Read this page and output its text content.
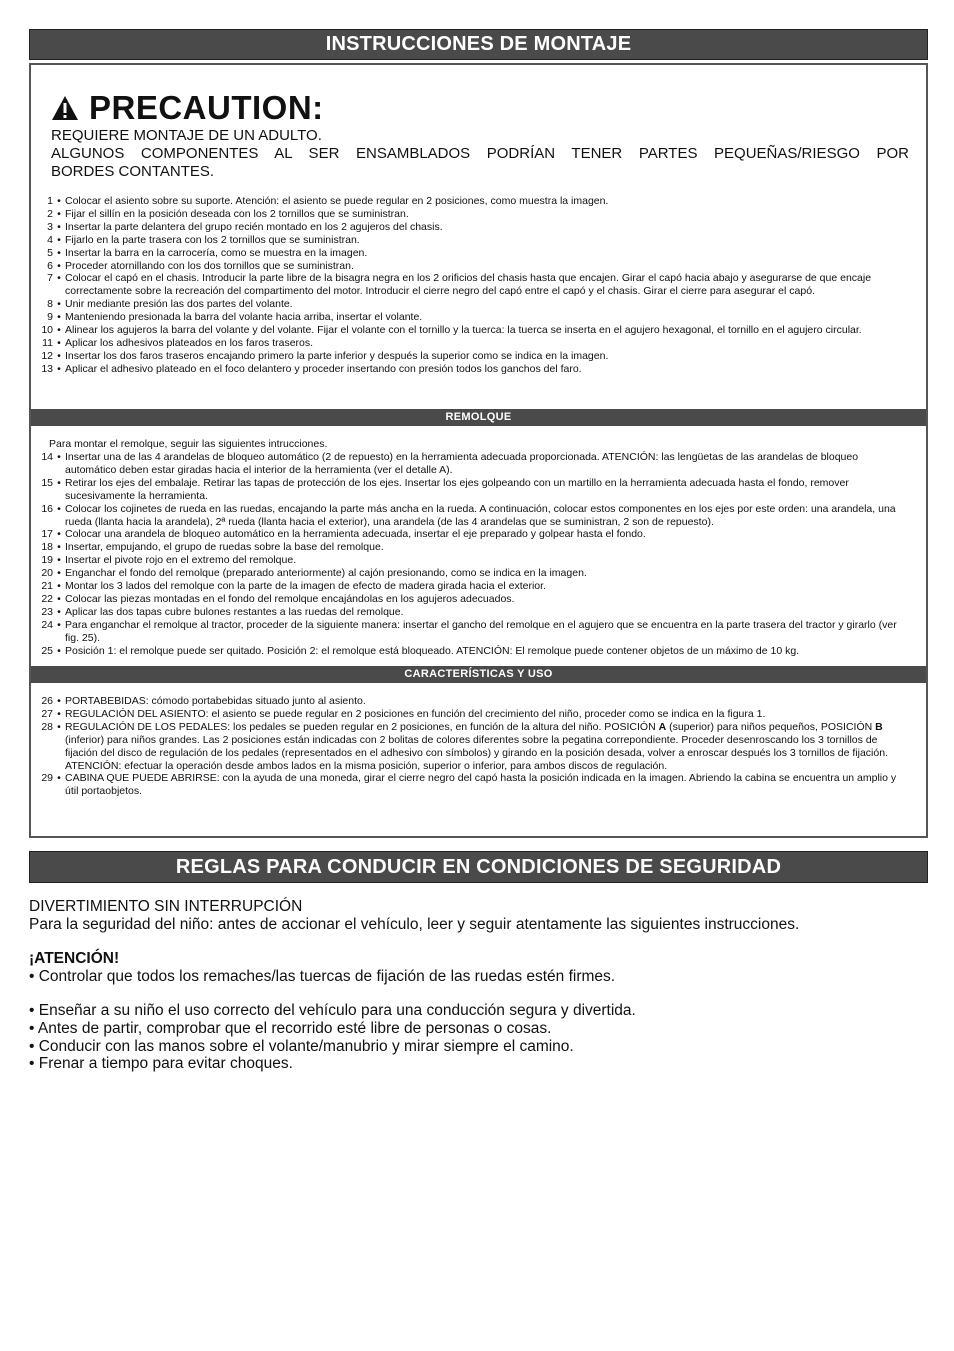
INSTRUCCIONES DE MONTAJE
PRECAUTION:
REQUIERE MONTAJE DE UN ADULTO.
ALGUNOS COMPONENTES AL SER ENSAMBLADOS PODRÍAN TENER PARTES PEQUEÑAS/RIESGO POR
BORDES CONTANTES.
1 • Colocar el asiento sobre su suporte. Atención: el asiento se puede regular en 2 posiciones, como muestra la imagen.
2 • Fijar el sillín en la posición deseada con los 2 tornillos que se suministran.
3 • Insertar la parte delantera del grupo recién montado en los 2 agujeros del chasis.
4 • Fijarlo en la parte trasera con los 2 tornillos que se suministran.
5 • Insertar la barra en la carrocería, como se muestra en la imagen.
6 • Proceder atornillando con los dos tornillos que se suministran.
7 • Colocar el capó en el chasis. Introducir la parte libre de la bisagra negra en los 2 orificios del chasis hasta que encajen. Girar el capó hacia abajo y asegurarse de que encaje correctamente sobre la recreación del compartimento del motor. Introducir el cierre negro del capó entre el capó y el chasis. Girar el cierre para asegurar el capó.
8 • Unir mediante presión las dos partes del volante.
9 • Manteniendo presionada la barra del volante hacia arriba, insertar el volante.
10 • Alinear los agujeros la barra del volante y del volante. Fijar el volante con el tornillo y la tuerca: la tuerca se inserta en el agujero hexagonal, el tornillo en el agujero circular.
11 • Aplicar los adhesivos plateados en los faros traseros.
12 • Insertar los dos faros traseros encajando primero la parte inferior y después la superior como se indica en la imagen.
13 • Aplicar el adhesivo plateado en el foco delantero y proceder insertando con presión todos los ganchos del faro.
REMOLQUE
Para montar el remolque, seguir las siguientes intrucciones.
14 • Insertar una de las 4 arandelas de bloqueo automático (2 de repuesto) en la herramienta adecuada proporcionada. ATENCIÓN: las lengüetas de las arandelas de bloqueo automático deben estar giradas hacia el interior de la herramienta (ver el detalle A).
15 • Retirar los ejes del embalaje. Retirar las tapas de protección de los ejes. Insertar los ejes golpeando con un martillo en la herramienta adecuada hasta el fondo, remover sucesivamente la herramienta.
16 • Colocar los cojinetes de rueda en las ruedas, encajando la parte más ancha en la rueda. A continuación, colocar estos componentes en los ejes por este orden: una arandela, una rueda (llanta hacia la arandela), 2ª rueda (llanta hacia el exterior), una arandela (de las 4 arandelas que se suministran, 2 son de repuesto).
17 • Colocar una arandela de bloqueo automático en la herramienta adecuada, insertar el eje preparado y golpear hasta el fondo.
18 • Insertar, empujando, el grupo de ruedas sobre la base del remolque.
19 • Insertar el pivote rojo en el extremo del remolque.
20 • Enganchar el fondo del remolque (preparado anteriormente) al cajón presionando, como se indica en la imagen.
21 • Montar los 3 lados del remolque con la parte de la imagen de efecto de madera girada hacia el exterior.
22 • Colocar las piezas montadas en el fondo del remolque encajándolas en los agujeros adecuados.
23 • Aplicar las dos tapas cubre bulones restantes a las ruedas del remolque.
24 • Para enganchar el remolque al tractor, proceder de la siguiente manera: insertar el gancho del remolque en el agujero que se encuentra en la parte trasera del tractor y girarlo (ver fig. 25).
25 • Posición 1: el remolque puede ser quitado. Posición 2: el remolque está bloqueado. ATENCIÓN: El remolque puede contener objetos de un máximo de 10 kg.
CARACTERÍSTICAS Y USO
26 • PORTABEBIDAS: cómodo portabebidas situado junto al asiento.
27 • REGULACIÓN DEL ASIENTO: el asiento se puede regular en 2 posiciones en función del crecimiento del niño, proceder como se indica en la figura 1.
28 • REGULACIÓN DE LOS PEDALES: los pedales se pueden regular en 2 posiciones, en función de la altura del niño. POSICIÓN A (superior) para niños pequeños, POSICIÓN B (inferior) para niños grandes. Las 2 posiciones están indicadas con 2 bolitas de colores diferentes sobre la pegatina correpondiente. Proceder desenroscando los 3 tornillos de fijación del disco de regulación de los pedales (representados en el adhesivo con símbolos) y girando en la posición desada, volver a enroscar después los 3 tornillos de fijación. ATENCIÓN: efectuar la operación desde ambos lados en la misma posición, superior o inferior, para ambos discos de regulación.
29 • CABINA QUE PUEDE ABRIRSE: con la ayuda de una moneda, girar el cierre negro del capó hasta la posición indicada en la imagen. Abriendo la cabina se encuentra un amplio y útil portaobjetos.
REGLAS PARA CONDUCIR EN CONDICIONES DE SEGURIDAD
DIVERTIMIENTO SIN INTERRUPCIÓN
Para la seguridad del niño: antes de accionar el vehículo, leer y seguir atentamente las siguientes instrucciones.
¡ATENCIÓN!
• Controlar que todos los remaches/las tuercas de fijación de las ruedas estén firmes.
• Enseñar a su niño el uso correcto del vehículo para una conducción segura y divertida.
• Antes de partir, comprobar que el recorrido esté libre de personas o cosas.
• Conducir con las manos sobre el volante/manubrio y mirar siempre el camino.
• Frenar a tiempo para evitar choques.
